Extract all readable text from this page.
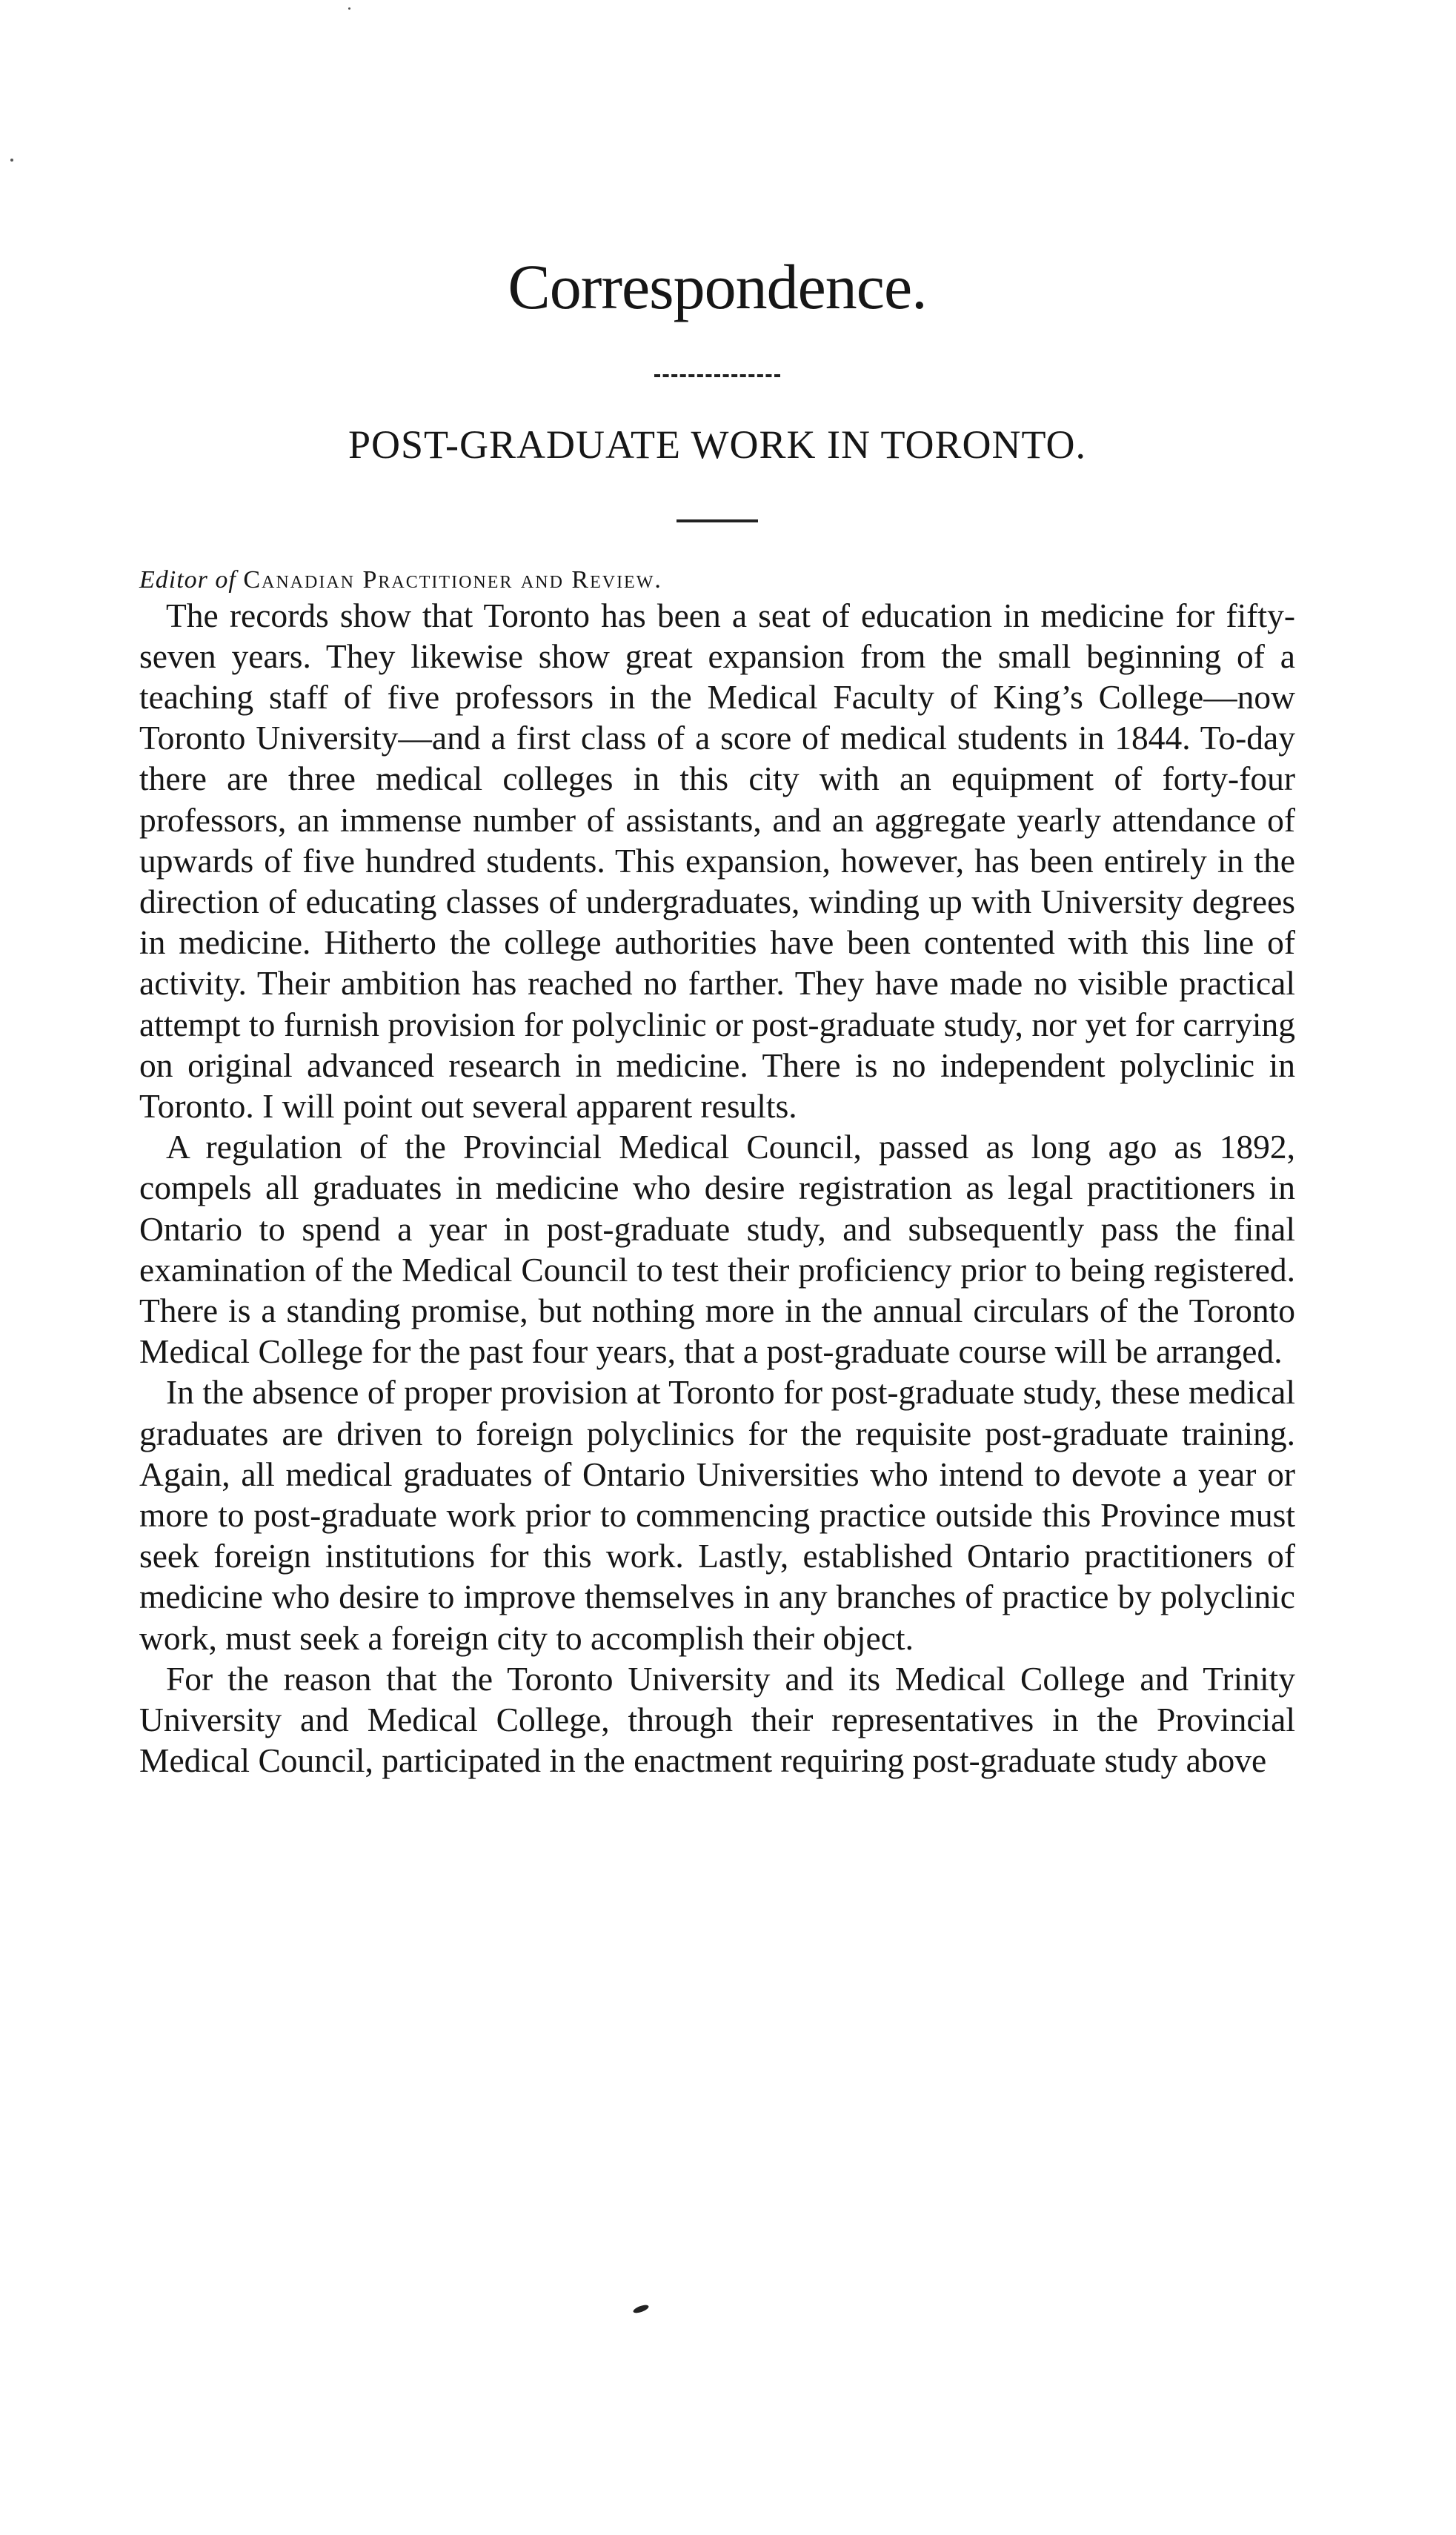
Correspondence.
POST-GRADUATE WORK IN TORONTO.
Editor of Canadian Practitioner and Review.

The records show that Toronto has been a seat of education in medicine for fifty-seven years. They likewise show great expansion from the small beginning of a teaching staff of five professors in the Medical Faculty of King’s College—now Toronto University—and a first class of a score of medical students in 1844. To-day there are three medical colleges in this city with an equipment of forty-four professors, an immense number of assistants, and an aggregate yearly attendance of upwards of five hundred students. This expansion, however, has been entirely in the direction of educating classes of undergraduates, winding up with University degrees in medicine. Hitherto the college authorities have been contented with this line of activity. Their ambition has reached no farther. They have made no visible practical attempt to furnish provision for polyclinic or post-graduate study, nor yet for carrying on original advanced research in medicine. There is no independent polyclinic in Toronto. I will point out several apparent results.

A regulation of the Provincial Medical Council, passed as long ago as 1892, compels all graduates in medicine who desire registration as legal practitioners in Ontario to spend a year in post-graduate study, and subsequently pass the final examination of the Medical Council to test their proficiency prior to being registered. There is a standing promise, but nothing more in the annual circulars of the Toronto Medical College for the past four years, that a post-graduate course will be arranged.

In the absence of proper provision at Toronto for post-graduate study, these medical graduates are driven to foreign polyclinics for the requisite post-graduate training. Again, all medical graduates of Ontario Universities who intend to devote a year or more to post-graduate work prior to commencing practice outside this Province must seek foreign institutions for this work. Lastly, established Ontario practitioners of medicine who desire to improve themselves in any branches of practice by polyclinic work, must seek a foreign city to accomplish their object.

For the reason that the Toronto University and its Medical College and Trinity University and Medical College, through their representatives in the Provincial Medical Council, participated in the enactment requiring post-graduate study above
